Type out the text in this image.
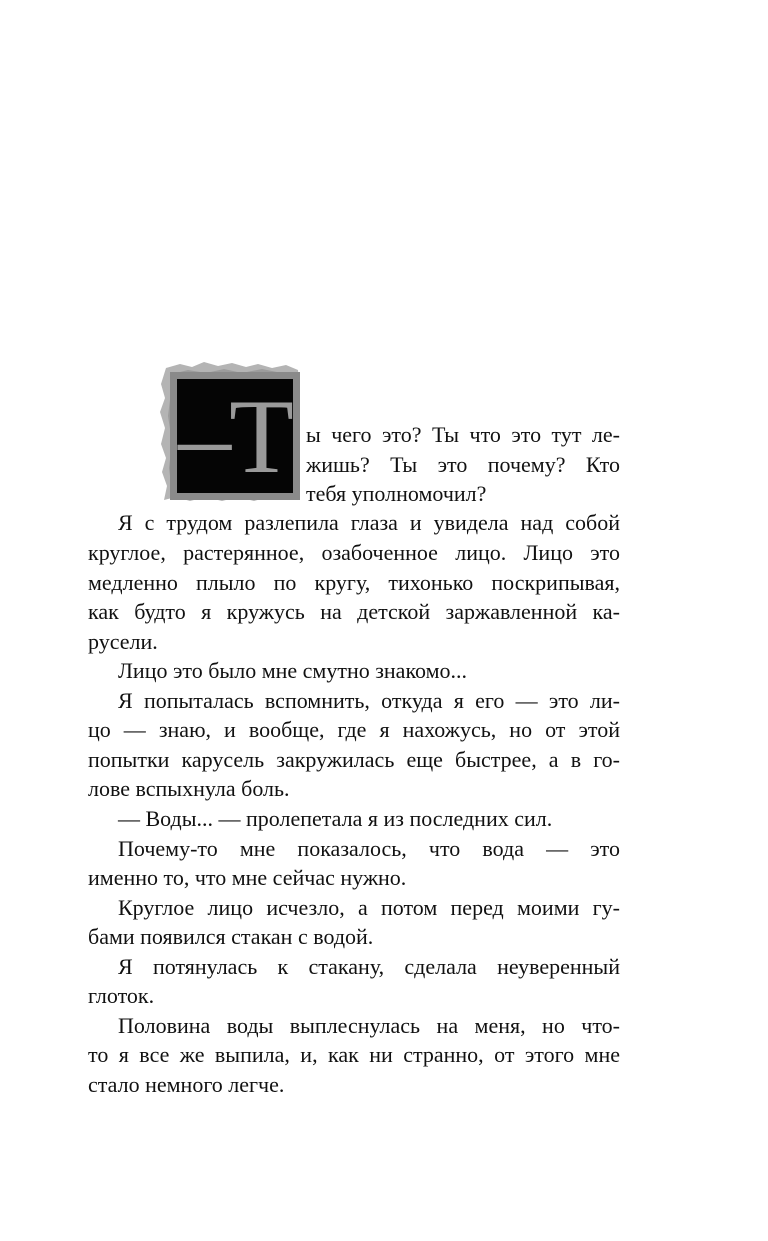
–Т ы чего это? Ты что это тут ле-
жишь? Ты это почему? Кто
тебя уполномочил?
Я с трудом разлепила глаза и увидела над собой
круглое, растерянное, озабоченное лицо. Лицо это
медленно плыло по кругу, тихонько поскрипывая,
как будто я кружусь на детской заржавленной ка-
русели.
Лицо это было мне смутно знакомо...
Я попыталась вспомнить, откуда я его — это ли-
цо — знаю, и вообще, где я нахожусь, но от этой
попытки карусель закружилась еще быстрее, а в го-
лове вспыхнула боль.
— Воды... — пролепетала я из последних сил.
Почему-то мне показалось, что вода — это
именно то, что мне сейчас нужно.
Круглое лицо исчезло, а потом перед моими гу-
бами появился стакан с водой.
Я потянулась к стакану, сделала неуверенный
глоток.
Половина воды выплеснулась на меня, но что-
то я все же выпила, и, как ни странно, от этого мне
стало немного легче.
